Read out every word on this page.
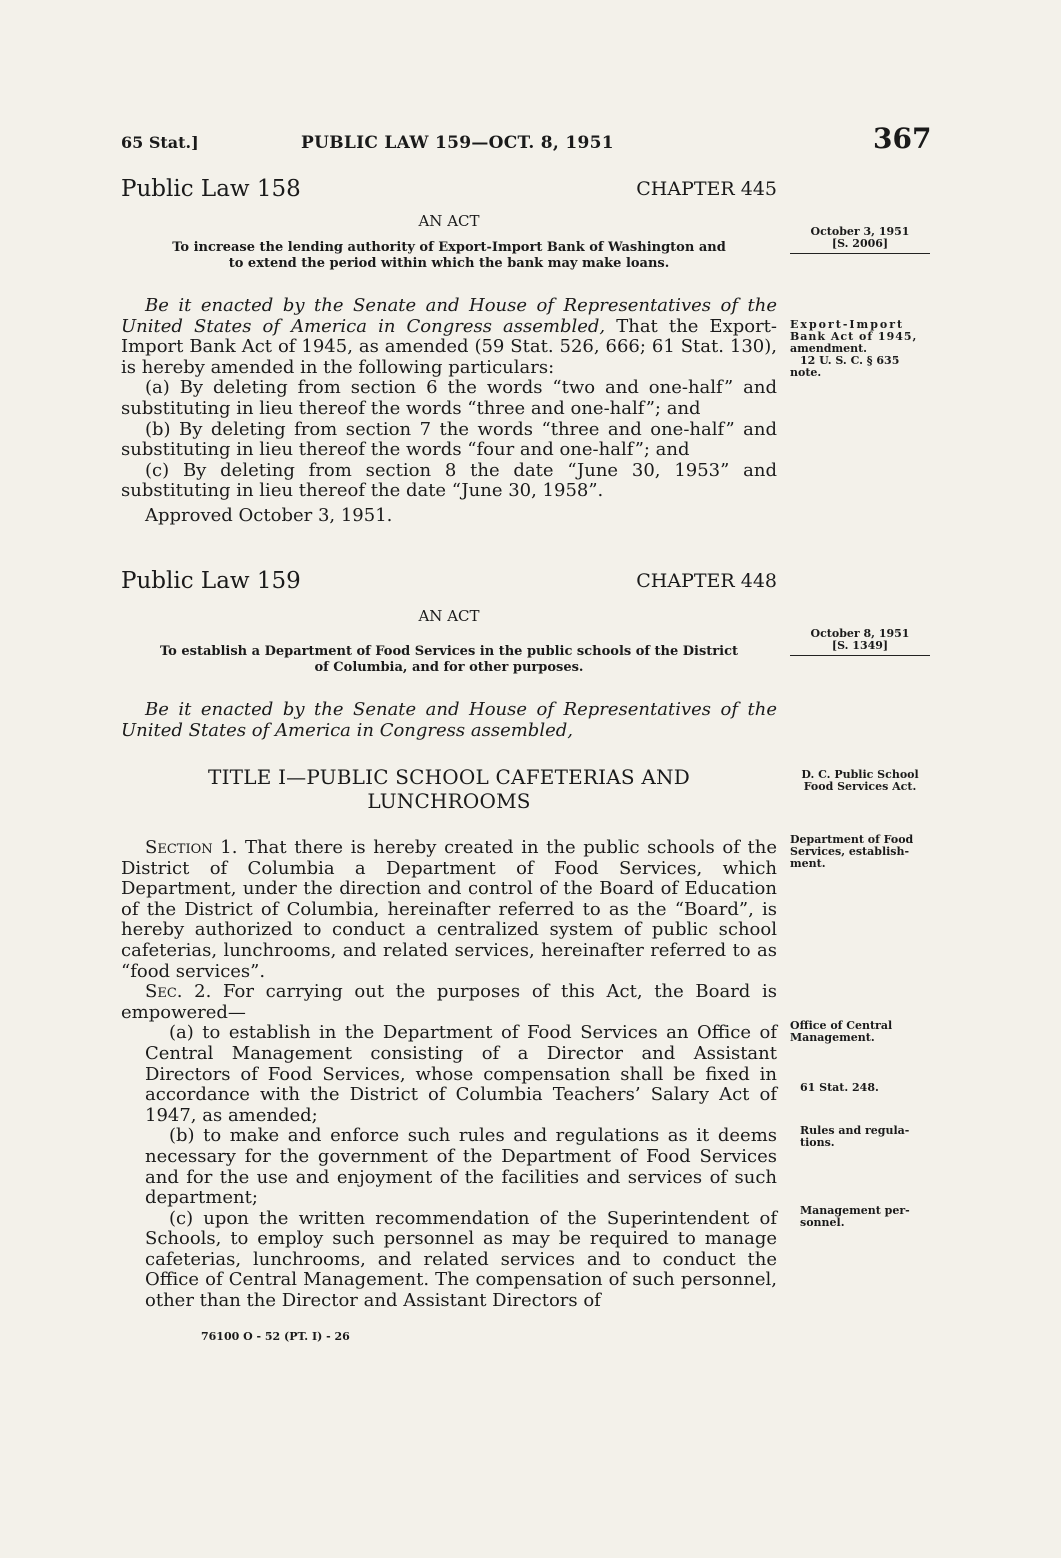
65 Stat.]	PUBLIC LAW 159—OCT. 8, 1951	367
Public Law 158	CHAPTER 445
AN ACT
To increase the lending authority of Export-Import Bank of Washington and
to extend the period within which the bank may make loans.

Be it enacted by the Senate and House of Representatives of the United States of America in Congress assembled, That the Export-Import Bank Act of 1945, as amended (59 Stat. 526, 666; 61 Stat. 130), is hereby amended in the following particulars:

(a) By deleting from section 6 the words “two and one-half” and substituting in lieu thereof the words “three and one-half”; and

(b) By deleting from section 7 the words “three and one-half” and substituting in lieu thereof the words “four and one-half”; and

(c) By deleting from section 8 the date “June 30, 1953” and substituting in lieu thereof the date “June 30, 1958”.

Approved October 3, 1951.

Public Law 159	CHAPTER 448
AN ACT
To establish a Department of Food Services in the public schools of the District
of Columbia, and for other purposes.

Be it enacted by the Senate and House of Representatives of the United States of America in Congress assembled,

TITLE I—PUBLIC SCHOOL CAFETERIAS AND
LUNCHROOMS

Section 1. That there is hereby created in the public schools of the District of Columbia a Department of Food Services, which Department, under the direction and control of the Board of Education of the District of Columbia, hereinafter referred to as the “Board”, is hereby authorized to conduct a centralized system of public school cafeterias, lunchrooms, and related services, hereinafter referred to as “food services”.

Sec. 2. For carrying out the purposes of this Act, the Board is empowered—

(a) to establish in the Department of Food Services an Office of Central Management consisting of a Director and Assistant Directors of Food Services, whose compensation shall be fixed in accordance with the District of Columbia Teachers’ Salary Act of 1947, as amended;

(b) to make and enforce such rules and regulations as it deems necessary for the government of the Department of Food Services and for the use and enjoyment of the facilities and services of such department;

(c) upon the written recommendation of the Superintendent of Schools, to employ such personnel as may be required to manage cafeterias, lunchrooms, and related services and to conduct the Office of Central Management. The compensation of such personnel, other than the Director and Assistant Directors of

October 3, 1951
[S. 2006]
Export-Import
Bank Act of 1945,
amendment.
12 U. S. C. § 635
note.
October 8, 1951
[S. 1349]
D. C. Public School
Food Services Act.
Department of Food
Services, establish-
ment.
Office of Central
Management.
61 Stat. 248.
Rules and regula-
tions.
Management per-
sonnel.
76100 O - 52 (PT. I) - 26
